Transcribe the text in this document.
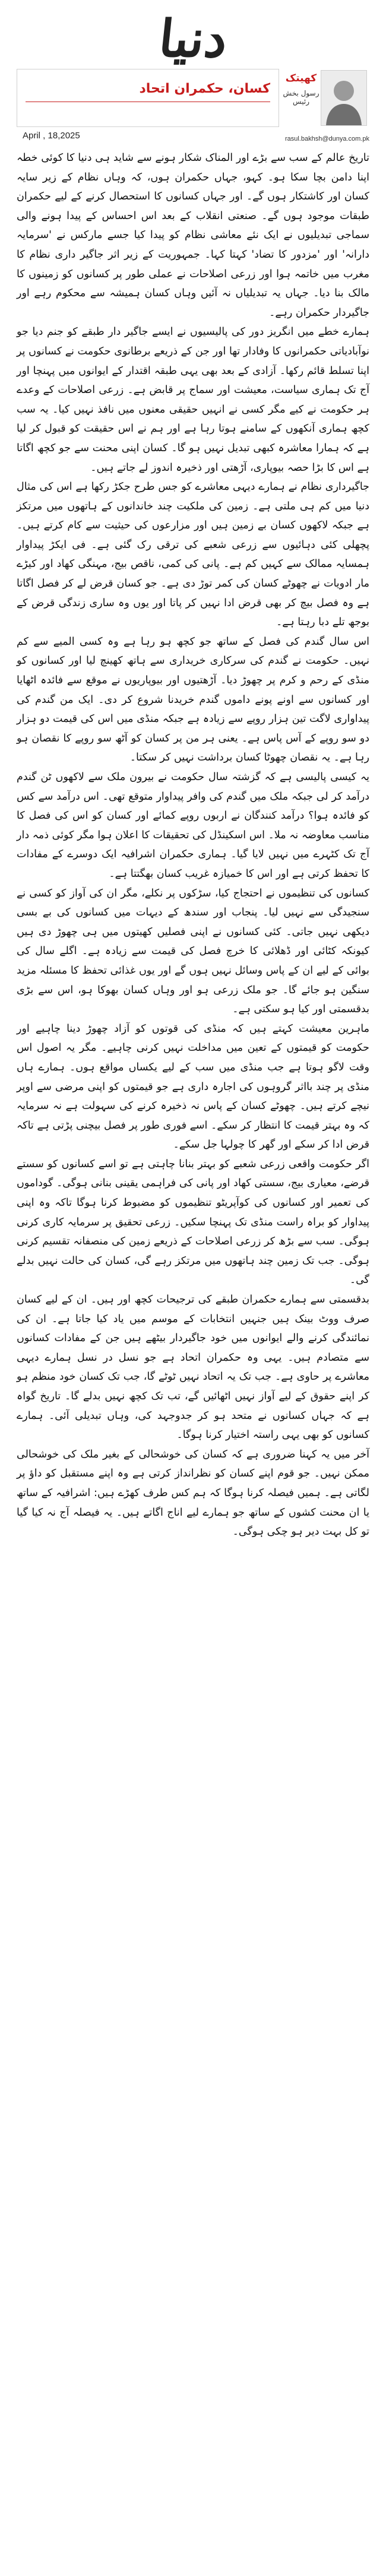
دنیا
کسان، حکمران اتحاد
April , 18,2025
کھیتک
رسول بخش رئیس
rasul.bakhsh@dunya.com.pk

تاریخ عالم کے سب سے بڑے اور المناک شکار ہونے سے شاید ہی دنیا کا کوئی خطہ اپنا دامن بچا سکا ہو۔ کہو، جہاں حکمران ہوں، کہ وہاں نظام کے زیر سایہ کسان اور کاشتکار ہوں گے۔ اور جہاں کسانوں کا استحصال کرنے کے لیے حکمران طبقات موجود ہوں گے۔ صنعتی انقلاب کے بعد اس احساس کے پیدا ہونے والی سماجی تبدیلیوں نے ایک نئے معاشی نظام کو پیدا کیا جسے مارکس نے 'سرمایہ دارانہ' اور 'مزدور کا تضاد' کہتا کہا۔ جمہوریت کے زیر اثر جاگیر داری نظام کا مغرب میں خاتمہ ہوا اور زرعی اصلاحات نے عملی طور پر کسانوں کو زمینوں کا مالک بنا دیا۔ جہاں یہ تبدیلیاں نہ آئیں وہاں کسان ہمیشہ سے محکوم رہے اور جاگیردار حکمران رہے۔

ہمارے خطے میں انگریز دور کی پالیسیوں نے ایسے جاگیر دار طبقے کو جنم دیا جو نوآبادیاتی حکمرانوں کا وفادار تھا اور جن کے ذریعے برطانوی حکومت نے کسانوں پر اپنا تسلط قائم رکھا۔ آزادی کے بعد بھی یہی طبقہ اقتدار کے ایوانوں میں پہنچا اور آج تک ہماری سیاست، معیشت اور سماج پر قابض ہے۔ زرعی اصلاحات کے وعدے ہر حکومت نے کیے مگر کسی نے انہیں حقیقی معنوں میں نافذ نہیں کیا۔ یہ سب کچھ ہماری آنکھوں کے سامنے ہوتا رہا ہے اور ہم نے اس حقیقت کو قبول کر لیا ہے کہ ہمارا معاشرہ کبھی تبدیل نہیں ہو گا۔ کسان اپنی محنت سے جو کچھ اگاتا ہے اس کا بڑا حصہ بیوپاری، آڑھتی اور ذخیرہ اندوز لے جاتے ہیں۔

جاگیرداری نظام نے ہمارے دیہی معاشرے کو جس طرح جکڑ رکھا ہے اس کی مثال دنیا میں کم ہی ملتی ہے۔ زمین کی ملکیت چند خاندانوں کے ہاتھوں میں مرتکز ہے جبکہ لاکھوں کسان بے زمین ہیں اور مزارعوں کی حیثیت سے کام کرتے ہیں۔ پچھلی کئی دہائیوں سے زرعی شعبے کی ترقی رک گئی ہے۔ فی ایکڑ پیداوار ہمسایہ ممالک سے کہیں کم ہے۔ پانی کی کمی، ناقص بیج، مہنگی کھاد اور کیڑے مار ادویات نے چھوٹے کسان کی کمر توڑ دی ہے۔ جو کسان قرض لے کر فصل اگاتا ہے وہ فصل بیچ کر بھی قرض ادا نہیں کر پاتا اور یوں وہ ساری زندگی قرض کے بوجھ تلے دبا رہتا ہے۔

اس سال گندم کی فصل کے ساتھ جو کچھ ہو رہا ہے وہ کسی المیے سے کم نہیں۔ حکومت نے گندم کی سرکاری خریداری سے ہاتھ کھینچ لیا اور کسانوں کو منڈی کے رحم و کرم پر چھوڑ دیا۔ آڑھتیوں اور بیوپاریوں نے موقع سے فائدہ اٹھایا اور کسانوں سے اونے پونے داموں گندم خریدنا شروع کر دی۔ ایک من گندم کی پیداواری لاگت تین ہزار روپے سے زیادہ ہے جبکہ منڈی میں اس کی قیمت دو ہزار دو سو روپے کے آس پاس ہے۔ یعنی ہر من پر کسان کو آٹھ سو روپے کا نقصان ہو رہا ہے۔ یہ نقصان چھوٹا کسان برداشت نہیں کر سکتا۔

یہ کیسی پالیسی ہے کہ گزشتہ سال حکومت نے بیرون ملک سے لاکھوں ٹن گندم درآمد کر لی جبکہ ملک میں گندم کی وافر پیداوار متوقع تھی۔ اس درآمد سے کس کو فائدہ ہوا؟ درآمد کنندگان نے اربوں روپے کمائے اور کسان کو اس کی فصل کا مناسب معاوضہ نہ ملا۔ اس اسکینڈل کی تحقیقات کا اعلان ہوا مگر کوئی ذمہ دار آج تک کٹہرے میں نہیں لایا گیا۔ ہماری حکمران اشرافیہ ایک دوسرے کے مفادات کا تحفظ کرتی ہے اور اس کا خمیازہ غریب کسان بھگتتا ہے۔

کسانوں کی تنظیموں نے احتجاج کیا، سڑکوں پر نکلے، مگر ان کی آواز کو کسی نے سنجیدگی سے نہیں لیا۔ پنجاب اور سندھ کے دیہات میں کسانوں کی بے بسی دیکھی نہیں جاتی۔ کئی کسانوں نے اپنی فصلیں کھیتوں میں ہی چھوڑ دی ہیں کیونکہ کٹائی اور ڈھلائی کا خرچ فصل کی قیمت سے زیادہ ہے۔ اگلے سال کی بوائی کے لیے ان کے پاس وسائل نہیں ہوں گے اور یوں غذائی تحفظ کا مسئلہ مزید سنگین ہو جائے گا۔ جو ملک زرعی ہو اور وہاں کسان بھوکا ہو، اس سے بڑی بدقسمتی اور کیا ہو سکتی ہے۔

ماہرین معیشت کہتے ہیں کہ منڈی کی قوتوں کو آزاد چھوڑ دینا چاہیے اور حکومت کو قیمتوں کے تعین میں مداخلت نہیں کرنی چاہیے۔ مگر یہ اصول اس وقت لاگو ہوتا ہے جب منڈی میں سب کے لیے یکساں مواقع ہوں۔ ہمارے ہاں منڈی پر چند بااثر گروہوں کی اجارہ داری ہے جو قیمتوں کو اپنی مرضی سے اوپر نیچے کرتے ہیں۔ چھوٹے کسان کے پاس نہ ذخیرہ کرنے کی سہولت ہے نہ سرمایہ کہ وہ بہتر قیمت کا انتظار کر سکے۔ اسے فوری طور پر فصل بیچنی پڑتی ہے تاکہ قرض ادا کر سکے اور گھر کا چولہا جل سکے۔

اگر حکومت واقعی زرعی شعبے کو بہتر بنانا چاہتی ہے تو اسے کسانوں کو سستے قرضے، معیاری بیج، سستی کھاد اور پانی کی فراہمی یقینی بنانی ہوگی۔ گوداموں کی تعمیر اور کسانوں کی کوآپریٹو تنظیموں کو مضبوط کرنا ہوگا تاکہ وہ اپنی پیداوار کو براہ راست منڈی تک پہنچا سکیں۔ زرعی تحقیق پر سرمایہ کاری کرنی ہوگی۔ سب سے بڑھ کر زرعی اصلاحات کے ذریعے زمین کی منصفانہ تقسیم کرنی ہوگی۔ جب تک زمین چند ہاتھوں میں مرتکز رہے گی، کسان کی حالت نہیں بدلے گی۔

بدقسمتی سے ہمارے حکمران طبقے کی ترجیحات کچھ اور ہیں۔ ان کے لیے کسان صرف ووٹ بینک ہیں جنہیں انتخابات کے موسم میں یاد کیا جاتا ہے۔ ان کی نمائندگی کرنے والے ایوانوں میں خود جاگیردار بیٹھے ہیں جن کے مفادات کسانوں سے متصادم ہیں۔ یہی وہ حکمران اتحاد ہے جو نسل در نسل ہمارے دیہی معاشرے پر حاوی ہے۔ جب تک یہ اتحاد نہیں ٹوٹے گا، جب تک کسان خود منظم ہو کر اپنے حقوق کے لیے آواز نہیں اٹھائیں گے، تب تک کچھ نہیں بدلے گا۔ تاریخ گواہ ہے کہ جہاں کسانوں نے متحد ہو کر جدوجہد کی، وہاں تبدیلی آئی۔ ہمارے کسانوں کو بھی یہی راستہ اختیار کرنا ہوگا۔

آخر میں یہ کہنا ضروری ہے کہ کسان کی خوشحالی کے بغیر ملک کی خوشحالی ممکن نہیں۔ جو قوم اپنے کسان کو نظرانداز کرتی ہے وہ اپنے مستقبل کو داؤ پر لگاتی ہے۔ ہمیں فیصلہ کرنا ہوگا کہ ہم کس طرف کھڑے ہیں: اشرافیہ کے ساتھ یا ان محنت کشوں کے ساتھ جو ہمارے لیے اناج اگاتے ہیں۔ یہ فیصلہ آج نہ کیا گیا تو کل بہت دیر ہو چکی ہوگی۔
